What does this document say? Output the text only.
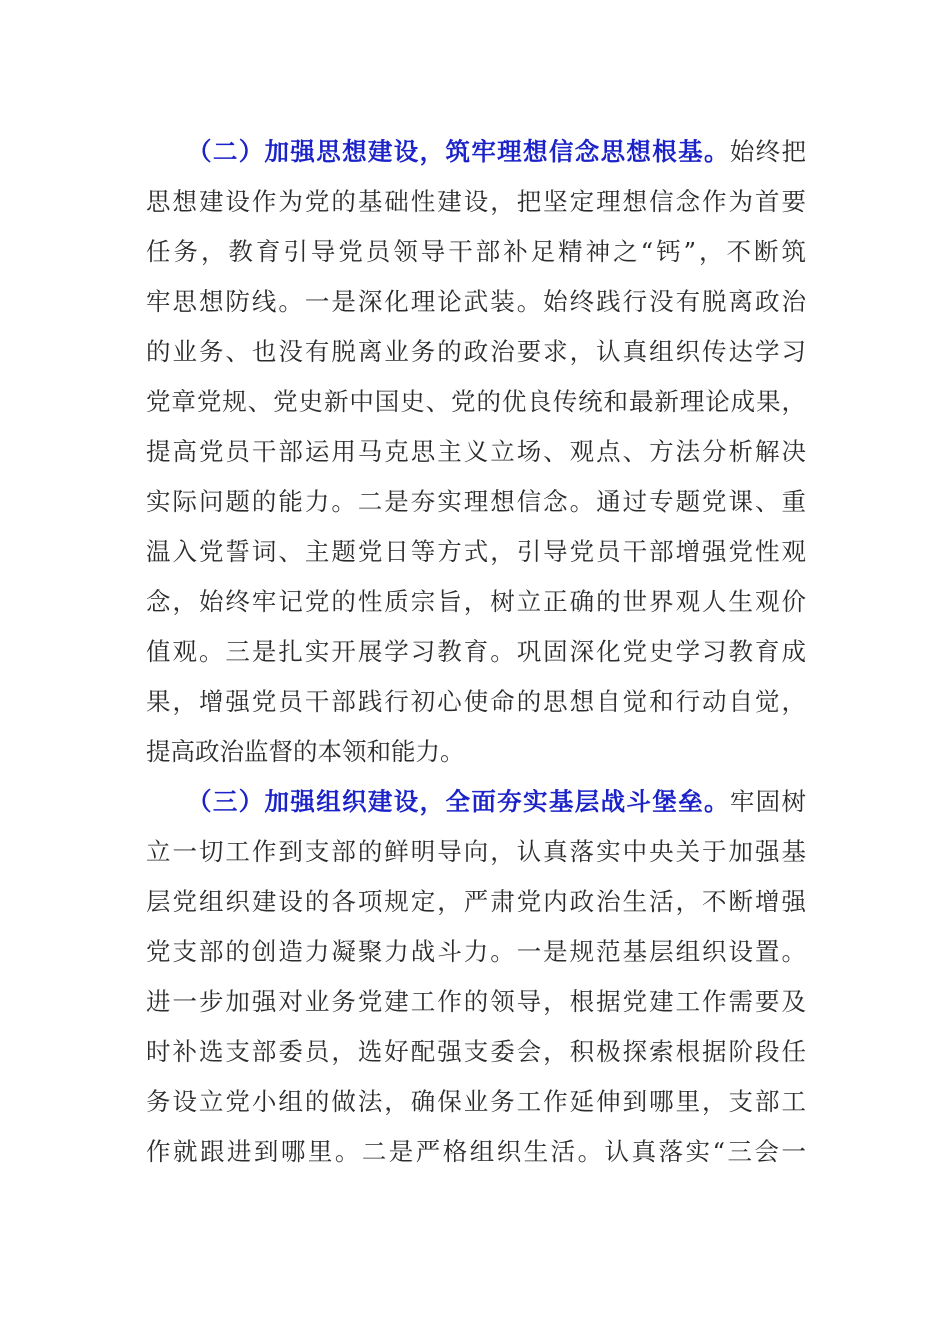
（二）加强思想建设，筑牢理想信念思想根基。始终把
思想建设作为党的基础性建设，把坚定理想信念作为首要
任务，教育引导党员领导干部补足精神之“钙”，不断筑
牢思想防线。一是深化理论武装。始终践行没有脱离政治
的业务、也没有脱离业务的政治要求，认真组织传达学习
党章党规、党史新中国史、党的优良传统和最新理论成果，
提高党员干部运用马克思主义立场、观点、方法分析解决
实际问题的能力。二是夯实理想信念。通过专题党课、重
温入党誓词、主题党日等方式，引导党员干部增强党性观
念，始终牢记党的性质宗旨，树立正确的世界观人生观价
值观。三是扎实开展学习教育。巩固深化党史学习教育成
果，增强党员干部践行初心使命的思想自觉和行动自觉，
提高政治监督的本领和能力。
（三）加强组织建设，全面夯实基层战斗堡垒。牢固树
立一切工作到支部的鲜明导向，认真落实中央关于加强基
层党组织建设的各项规定，严肃党内政治生活，不断增强
党支部的创造力凝聚力战斗力。一是规范基层组织设置。
进一步加强对业务党建工作的领导，根据党建工作需要及
时补选支部委员，选好配强支委会，积极探索根据阶段任
务设立党小组的做法，确保业务工作延伸到哪里，支部工
作就跟进到哪里。二是严格组织生活。认真落实“三会一
